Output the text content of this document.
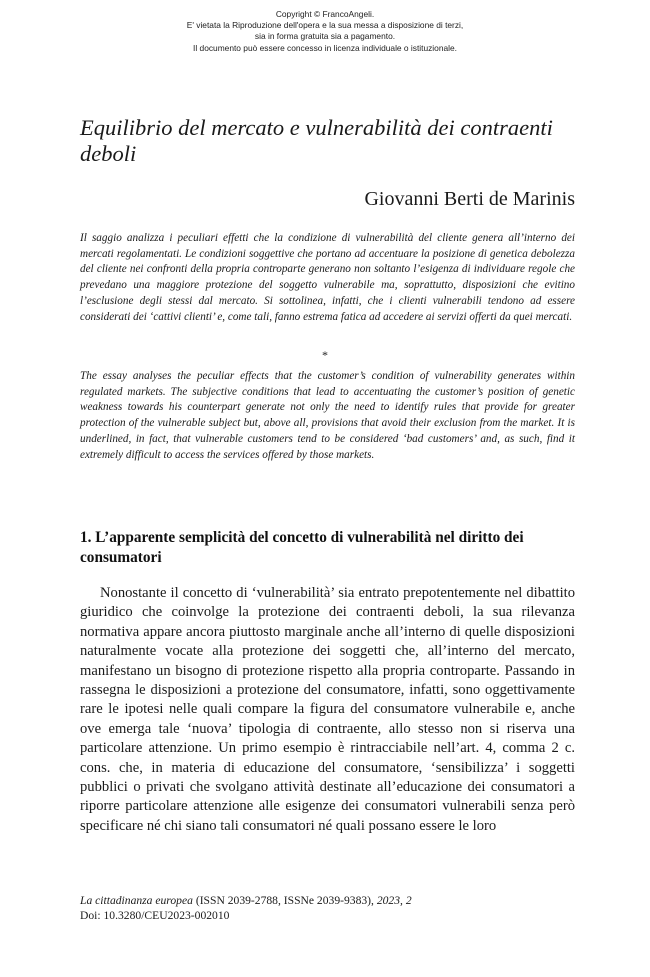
Copyright © FrancoAngeli.
E' vietata la Riproduzione dell'opera e la sua messa a disposizione di terzi,
sia in forma gratuita sia a pagamento.
Il documento può essere concesso in licenza individuale o istituzionale.
Equilibrio del mercato e vulnerabilità dei contraenti deboli
Giovanni Berti de Marinis

Il saggio analizza i peculiari effetti che la condizione di vulnerabilità del cliente genera all’interno dei mercati regolamentati. Le condizioni soggettive che portano ad accentuare la posizione di genetica debolezza del cliente nei confronti della propria controparte generano non soltanto l’esigenza di individuare regole che prevedano una maggiore protezione del soggetto vulnerabile ma, soprattutto, disposizioni che evitino l’esclusione degli stessi dal mercato. Si sottolinea, infatti, che i clienti vulnerabili tendono ad essere considerati dei ‘cattivi clienti’ e, come tali, fanno estrema fatica ad accedere ai servizi offerti da quei mercati.

*

The essay analyses the peculiar effects that the customer’s condition of vulnerability generates within regulated markets. The subjective conditions that lead to accentuating the customer’s position of genetic weakness towards his counterpart generate not only the need to identify rules that provide for greater protection of the vulnerable subject but, above all, provisions that avoid their exclusion from the market. It is underlined, in fact, that vulnerable customers tend to be considered ‘bad customers’ and, as such, find it extremely difficult to access the services offered by those markets.

1. L’apparente semplicità del concetto di vulnerabilità nel diritto dei consumatori

Nonostante il concetto di ‘vulnerabilità’ sia entrato prepotentemente nel dibattito giuridico che coinvolge la protezione dei contraenti deboli, la sua rilevanza normativa appare ancora piuttosto marginale anche all’interno di quelle disposizioni naturalmente vocate alla protezione dei soggetti che, all’interno del mercato, manifestano un bisogno di protezione rispetto alla propria controparte. Passando in rassegna le disposizioni a protezione del consumatore, infatti, sono oggettivamente rare le ipotesi nelle quali compare la figura del consumatore vulnerabile e, anche ove emerga tale ‘nuova’ tipologia di contraente, allo stesso non si riserva una particolare attenzione. Un primo esempio è rintracciabile nell’art. 4, comma 2 c. cons. che, in materia di educazione del consumatore, ‘sensibilizza’ i soggetti pubblici o privati che svolgano attività destinate all’educazione dei consumatori a riporre particolare attenzione alle esigenze dei consumatori vulnerabili senza però specificare né chi siano tali consumatori né quali possano essere le loro

La cittadinanza europea (ISSN 2039-2788, ISSNe 2039-9383), 2023, 2
Doi: 10.3280/CEU2023-002010
